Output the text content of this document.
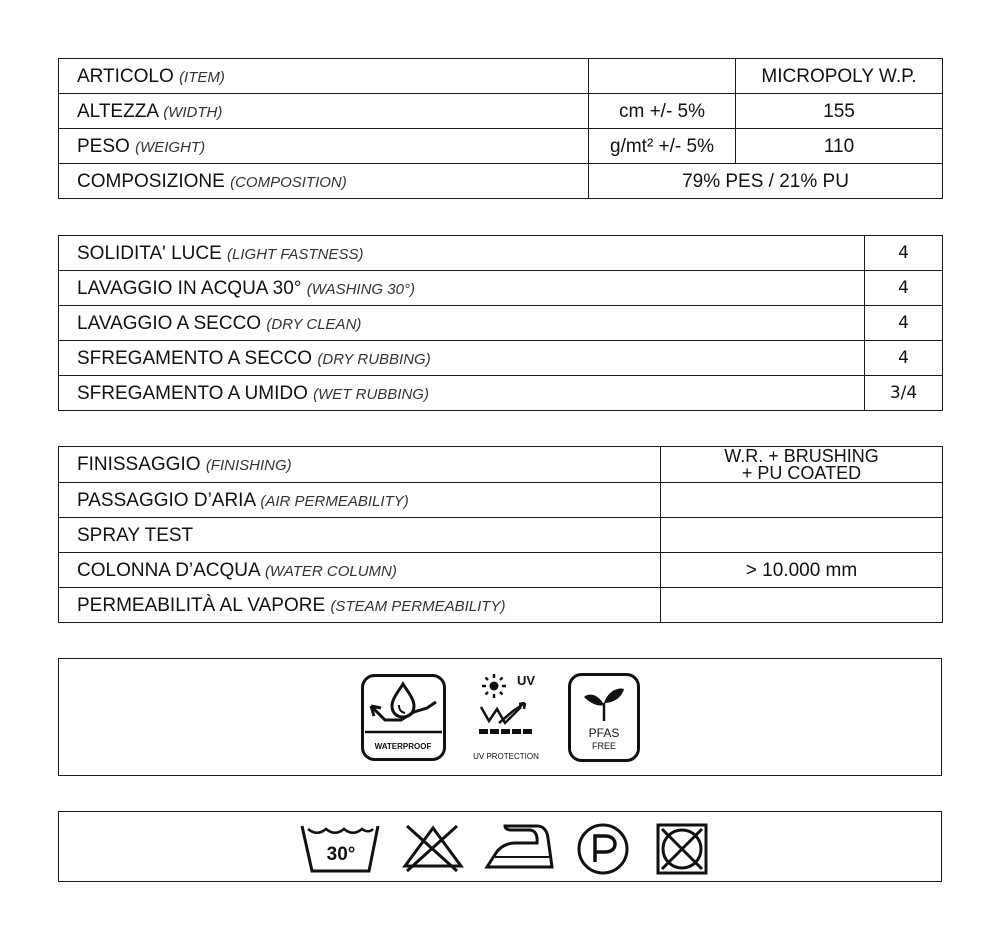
ARTICOLO (ITEM)		MICROPOLY W.P.
ALTEZZA (WIDTH)	cm +/- 5%	155
PESO (WEIGHT)	g/mt² +/- 5%	110
COMPOSIZIONE (COMPOSITION)	79% PES / 21% PU	
SOLIDITA' LUCE (LIGHT FASTNESS)	4
LAVAGGIO IN ACQUA 30° (WASHING 30°)	4
LAVAGGIO A SECCO (DRY CLEAN)	4
SFREGAMENTO A SECCO (DRY RUBBING)	4
SFREGAMENTO A UMIDO (WET RUBBING)	3/4
FINISSAGGIO (FINISHING)	W.R. + BRUSHING
+ PU COATED

PASSAGGIO D’ARIA (AIR PERMEABILITY)	
SPRAY TEST	
COLONNA D’ACQUA (WATER COLUMN)	> 10.000 mm
PERMEABILITÀ AL VAPORE (STEAM PERMEABILITY)	
WATERPROOF
UV
UV PROTECTION
PFAS
FREE
30°
